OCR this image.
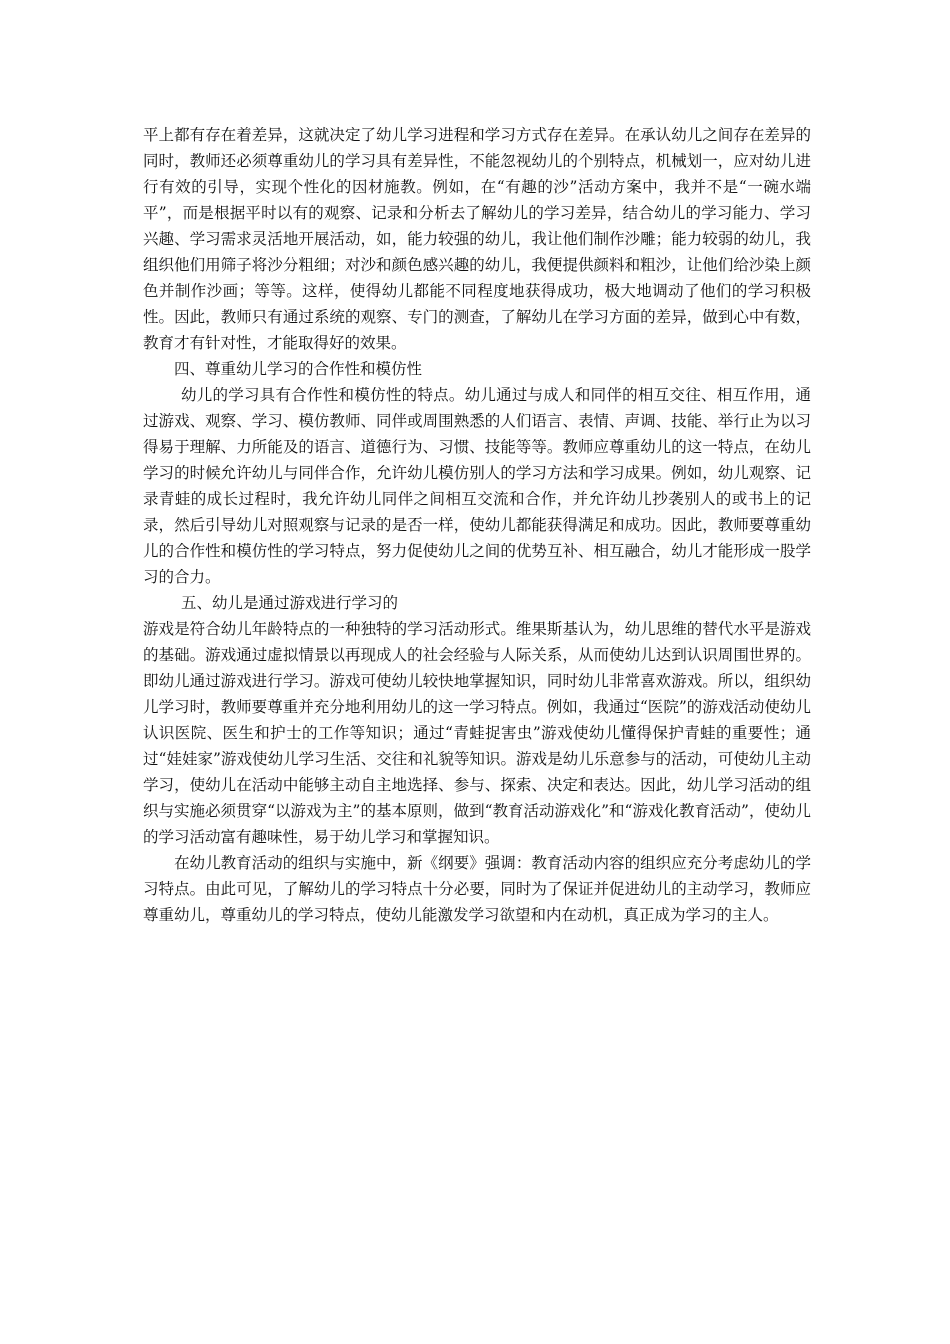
平上都有存在着差异，这就决定了幼儿学习进程和学习方式存在差异。在承认幼儿之间存在差异的同时，教师还必须尊重幼儿的学习具有差异性，不能忽视幼儿的个别特点，机械划一，应对幼儿进行有效的引导，实现个性化的因材施教。例如，在“有趣的沙”活动方案中，我并不是“一碗水端平”，而是根据平时以有的观察、记录和分析去了解幼儿的学习差异，结合幼儿的学习能力、学习兴趣、学习需求灵活地开展活动，如，能力较强的幼儿，我让他们制作沙雕；能力较弱的幼儿，我组织他们用筛子将沙分粗细；对沙和颜色感兴趣的幼儿，我便提供颜料和粗沙，让他们给沙染上颜色并制作沙画；等等。这样，使得幼儿都能不同程度地获得成功，极大地调动了他们的学习积极性。因此，教师只有通过系统的观察、专门的测查，了解幼儿在学习方面的差异，做到心中有数，教育才有针对性，才能取得好的效果。

四、尊重幼儿学习的合作性和模仿性

幼儿的学习具有合作性和模仿性的特点。幼儿通过与成人和同伴的相互交往、相互作用，通过游戏、观察、学习、模仿教师、同伴或周围熟悉的人们语言、表情、声调、技能、举行止为以习得易于理解、力所能及的语言、道德行为、习惯、技能等等。教师应尊重幼儿的这一特点，在幼儿学习的时候允许幼儿与同伴合作，允许幼儿模仿别人的学习方法和学习成果。例如，幼儿观察、记录青蛙的成长过程时，我允许幼儿同伴之间相互交流和合作，并允许幼儿抄袭别人的或书上的记录，然后引导幼儿对照观察与记录的是否一样，使幼儿都能获得满足和成功。因此，教师要尊重幼儿的合作性和模仿性的学习特点，努力促使幼儿之间的优势互补、相互融合，幼儿才能形成一股学习的合力。

五、幼儿是通过游戏进行学习的

游戏是符合幼儿年龄特点的一种独特的学习活动形式。维果斯基认为，幼儿思维的替代水平是游戏的基础。游戏通过虚拟情景以再现成人的社会经验与人际关系，从而使幼儿达到认识周围世界的。即幼儿通过游戏进行学习。游戏可使幼儿较快地掌握知识，同时幼儿非常喜欢游戏。所以，组织幼儿学习时，教师要尊重并充分地利用幼儿的这一学习特点。例如，我通过“医院”的游戏活动使幼儿认识医院、医生和护士的工作等知识；通过“青蛙捉害虫”游戏使幼儿懂得保护青蛙的重要性；通过“娃娃家”游戏使幼儿学习生活、交往和礼貌等知识。游戏是幼儿乐意参与的活动，可使幼儿主动学习，使幼儿在活动中能够主动自主地选择、参与、探索、决定和表达。因此，幼儿学习活动的组织与实施必须贯穿“以游戏为主”的基本原则，做到“教育活动游戏化”和“游戏化教育活动”，使幼儿的学习活动富有趣味性，易于幼儿学习和掌握知识。

在幼儿教育活动的组织与实施中，新《纲要》强调：教育活动内容的组织应充分考虑幼儿的学习特点。由此可见，了解幼儿的学习特点十分必要，同时为了保证并促进幼儿的主动学习，教师应尊重幼儿，尊重幼儿的学习特点，使幼儿能激发学习欲望和内在动机，真正成为学习的主人。
